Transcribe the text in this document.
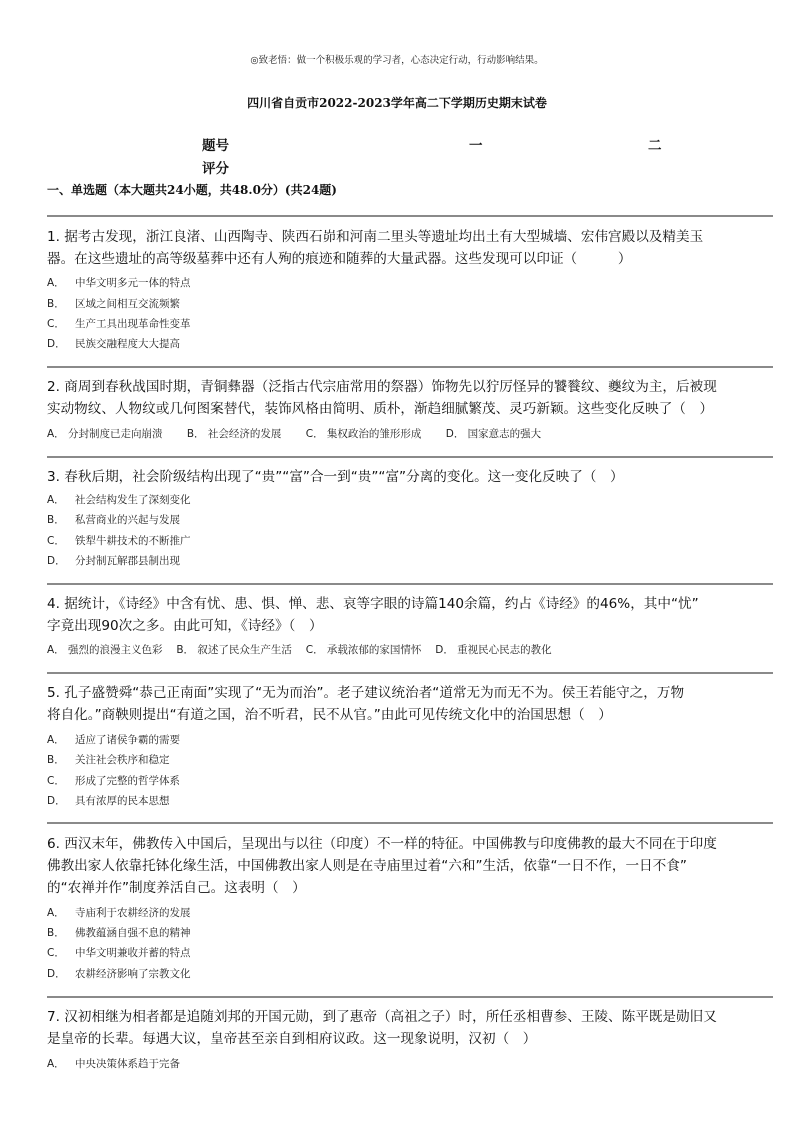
◎致老悟：做一个积极乐观的学习者，心态决定行动，行动影响结果。
四川省自贡市2022-2023学年高二下学期历史期末试卷
题号	一	二
评分
一、单选题（本大题共24小题，共48.0分）(共24题)
1. 据考古发现，浙江良渚、山西陶寺、陕西石峁和河南二里头等遗址均出土有大型城墙、宏伟宫殿以及精美玉
器。在这些遗址的高等级墓葬中还有人殉的痕迹和随葬的大量武器。这些发现可以印证（　　　）
A． 中华文明多元一体的特点
B． 区域之间相互交流频繁
C． 生产工具出现革命性变革
D． 民族交融程度大大提高
2. 商周到春秋战国时期，青铜彝器（泛指古代宗庙常用的祭器）饰物先以狞厉怪异的饕餮纹、夔纹为主，后被现
实动物纹、人物纹或几何图案替代，装饰风格由简明、质朴，渐趋细腻繁茂、灵巧新颖。这些变化反映了（　）
A． 分封制度已走向崩溃　　 B． 社会经济的发展　　 C． 集权政治的雏形形成　　 D． 国家意志的强大
3. 春秋后期，社会阶级结构出现了“贵”“富”合一到“贵”“富”分离的变化。这一变化反映了（　）
A． 社会结构发生了深刻变化
B． 私营商业的兴起与发展
C． 铁犁牛耕技术的不断推广
D． 分封制瓦解郡县制出现
4. 据统计，《诗经》中含有忧、患、惧、惮、悲、哀等字眼的诗篇140余篇，约占《诗经》的46%，其中“忧”
字竟出现90次之多。由此可知，《诗经》（　）
A． 强烈的浪漫主义色彩　 B． 叙述了民众生产生活　 C． 承载浓郁的家国情怀　 D． 重视民心民志的教化
5. 孔子盛赞舜“恭己正南面”实现了“无为而治”。老子建议统治者“道常无为而无不为。侯王若能守之，万物
将自化。”商鞅则提出“有道之国，治不听君，民不从官。”由此可见传统文化中的治国思想（　）
A． 适应了诸侯争霸的需要
B． 关注社会秩序和稳定
C． 形成了完整的哲学体系
D． 具有浓厚的民本思想
6. 西汉末年，佛教传入中国后，呈现出与以往（印度）不一样的特征。中国佛教与印度佛教的最大不同在于印度
佛教出家人依靠托钵化缘生活，中国佛教出家人则是在寺庙里过着“六和”生活，依靠“一日不作，一日不食”
的“农禅并作”制度养活自己。这表明（　）
A． 寺庙利于农耕经济的发展
B． 佛教蕴涵自强不息的精神
C． 中华文明兼收并蓄的特点
D． 农耕经济影响了宗教文化
7. 汉初相继为相者都是追随刘邦的开国元勋，到了惠帝（高祖之子）时，所任丞相曹参、王陵、陈平既是勋旧又
是皇帝的长辈。每遇大议，皇帝甚至亲自到相府议政。这一现象说明，汉初（　）
A． 中央决策体系趋于完备
